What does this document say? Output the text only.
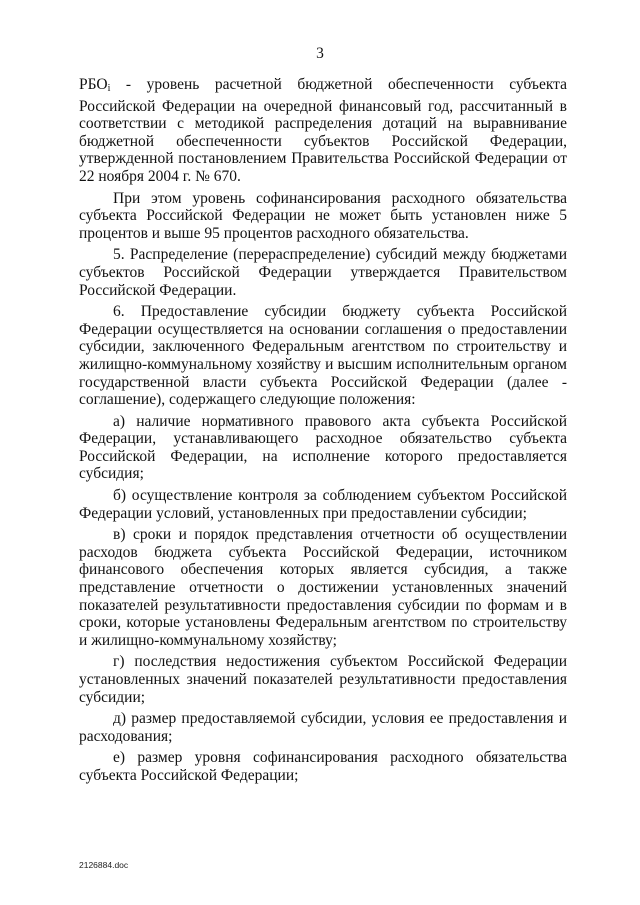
3

$РБО_i$ - уровень расчетной бюджетной обеспеченности субъекта Российской Федерации на очередной финансовый год, рассчитанный в соответствии с методикой распределения дотаций на выравнивание бюджетной обеспеченности субъектов Российской Федерации, утвержденной постановлением Правительства Российской Федерации от 22 ноября 2004 г. № 670.

При этом уровень софинансирования расходного обязательства субъекта Российской Федерации не может быть установлен ниже 5 процентов и выше 95 процентов расходного обязательства.

5. Распределение (перераспределение) субсидий между бюджетами субъектов Российской Федерации утверждается Правительством Российской Федерации.

6. Предоставление субсидии бюджету субъекта Российской Федерации осуществляется на основании соглашения о предоставлении субсидии, заключенного Федеральным агентством по строительству и жилищно-коммунальному хозяйству и высшим исполнительным органом государственной власти субъекта Российской Федерации (далее - соглашение), содержащего следующие положения:

а) наличие нормативного правового акта субъекта Российской Федерации, устанавливающего расходное обязательство субъекта Российской Федерации, на исполнение которого предоставляется субсидия;

б) осуществление контроля за соблюдением субъектом Российской Федерации условий, установленных при предоставлении субсидии;

в) сроки и порядок представления отчетности об осуществлении расходов бюджета субъекта Российской Федерации, источником финансового обеспечения которых является субсидия, а также представление отчетности о достижении установленных значений показателей результативности предоставления субсидии по формам и в сроки, которые установлены Федеральным агентством по строительству и жилищно-коммунальному хозяйству;

г) последствия недостижения субъектом Российской Федерации установленных значений показателей результативности предоставления субсидии;

д) размер предоставляемой субсидии, условия ее предоставления и расходования;

е) размер уровня софинансирования расходного обязательства субъекта Российской Федерации;

2126884.doc
